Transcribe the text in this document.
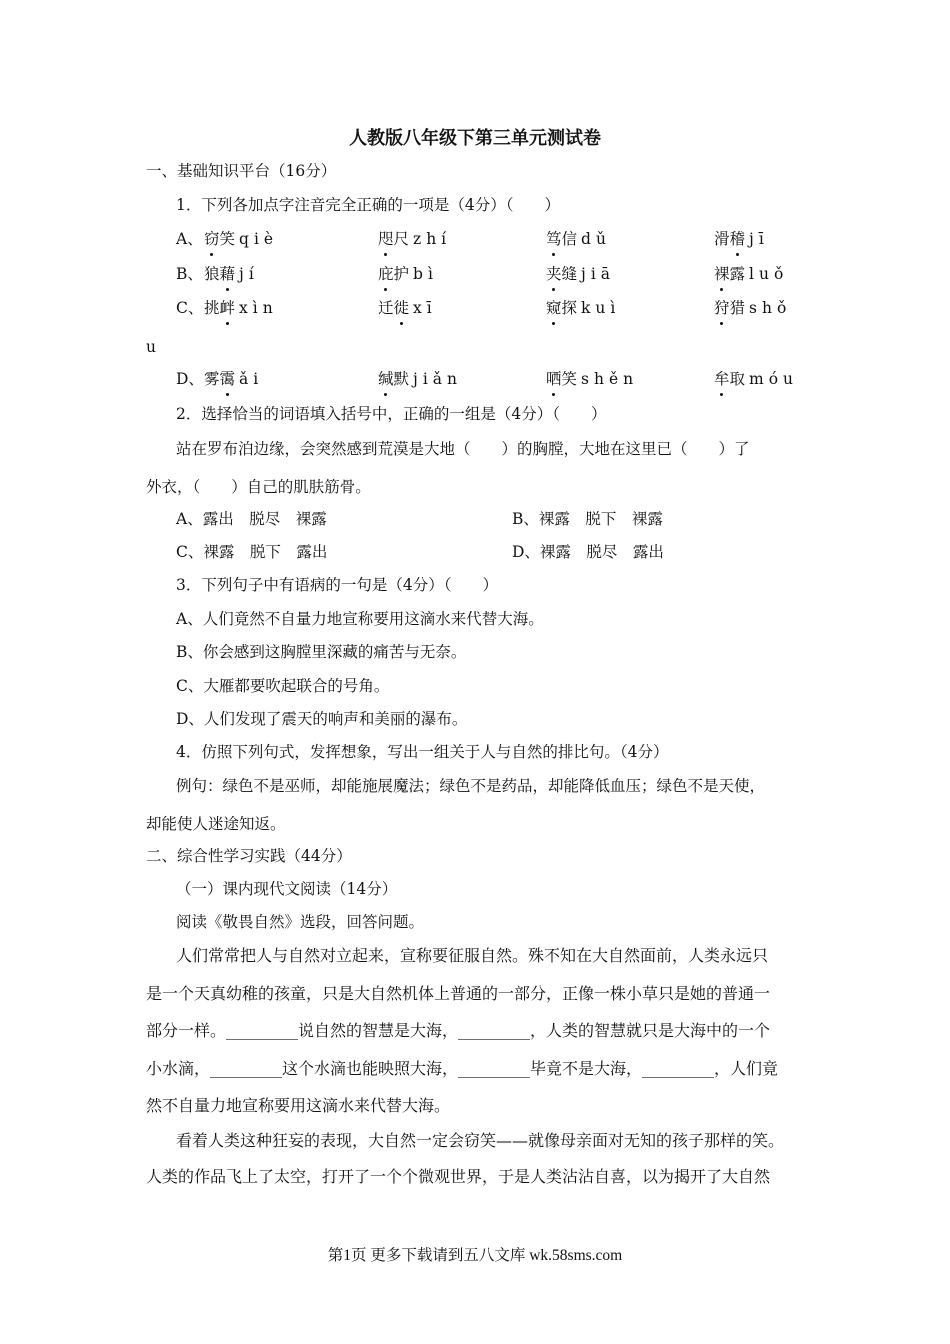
人教版八年级下第三单元测试卷
一、基础知识平台（16分）
1．下列各加点字注音完全正确的一项是（4分）（　　）
A、 窃笑 qiè	咫尺 zhí	笃信 dǔ	滑稽 jī
B、 狼藉 jí	庇护 bì	夹缝 jiā	裸露 luǒ
C、 挑衅 xìn	迁徙 xī	窥探 kuì	狩猎 shǒ
D、 雾霭 ǎi	缄默 jiǎn	哂笑 shěn	牟取 móu
u
2．选择恰当的词语填入括号中，正确的一组是（4分）（　　）
站在罗布泊边缘，会突然感到荒漠是大地（　　）的胸膛，大地在这里已（　　）了
外衣，（　　）自己的肌肤筋骨。
A、露出　脱尽　裸露	B、裸露　脱下　裸露
C、裸露　脱下　露出	D、裸露　脱尽　露出
3．下列句子中有语病的一句是（4分）（　　）
A、人们竟然不自量力地宣称要用这滴水来代替大海。
B、你会感到这胸膛里深藏的痛苦与无奈。
C、大雁都要吹起联合的号角。
D、人们发现了震天的响声和美丽的瀑布。
4．仿照下列句式，发挥想象，写出一组关于人与自然的排比句。（4分）
例句：绿色不是巫师，却能施展魔法；绿色不是药品，却能降低血压；绿色不是天使，
却能使人迷途知返。
二、综合性学习实践（44分）
（一）课内现代文阅读（14分）
阅读《敬畏自然》选段，回答问题。
人们常常把人与自然对立起来，宣称要征服自然。殊不知在大自然面前，人类永远只
是一个天真幼稚的孩童，只是大自然机体上普通的一部分，正像一株小草只是她的普通一
部分一样。_________说自然的智慧是大海，_________，人类的智慧就只是大海中的一个
小水滴，_________这个水滴也能映照大海，_________毕竟不是大海，_________，人们竟
然不自量力地宣称要用这滴水来代替大海。
看着人类这种狂妄的表现，大自然一定会窃笑——就像母亲面对无知的孩子那样的笑。
人类的作品飞上了太空，打开了一个个微观世界，于是人类沾沾自喜，以为揭开了大自然
第1页 更多下载请到五八文库 wk.58sms.com
